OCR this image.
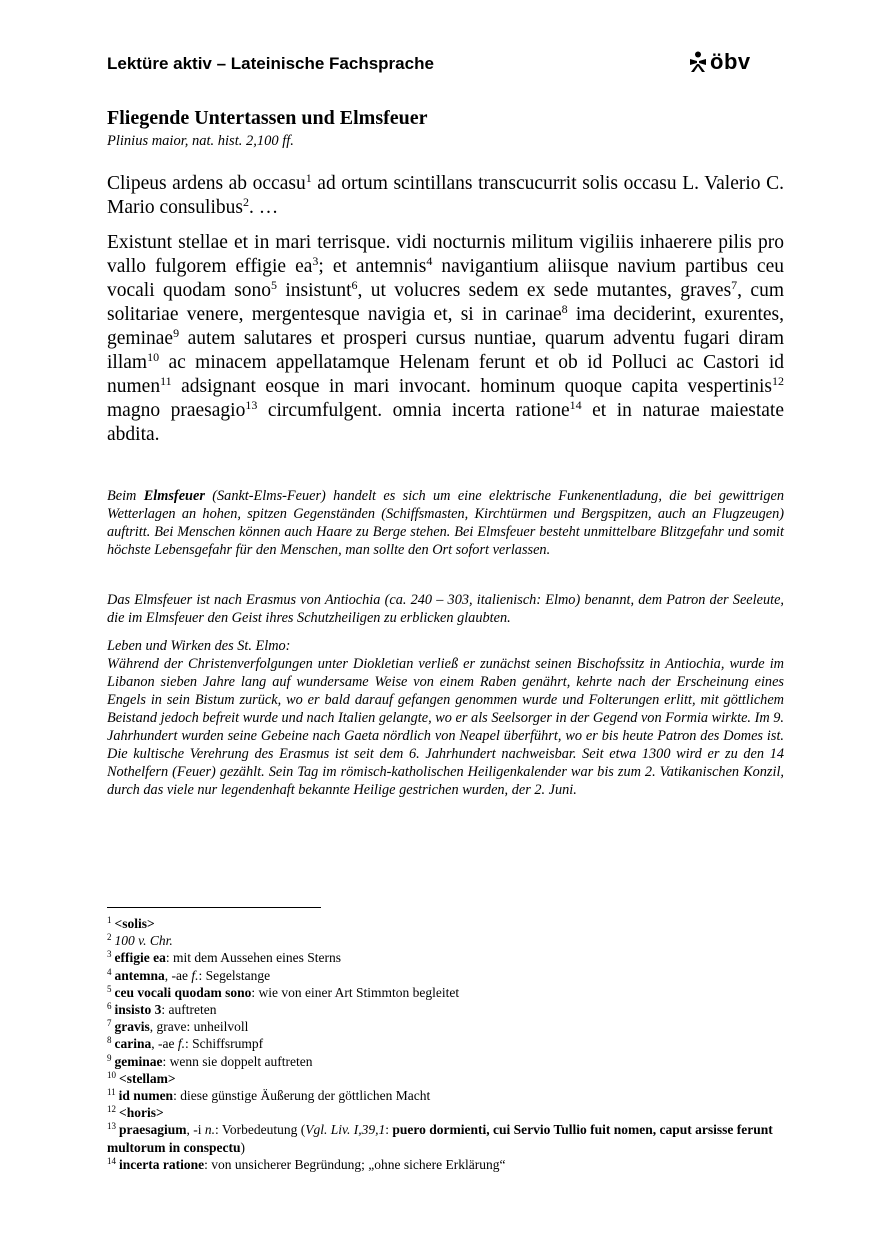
Lektüre aktiv – Lateinische Fachsprache	öbv
Fliegende Untertassen und Elmsfeuer
Plinius maior, nat. hist. 2,100 ff.

Clipeus ardens ab occasu$^1$ ad ortum scintillans transcucurrit solis occasu L. Valerio C. Mario consulibus$^2$. …

Existunt stellae et in mari terrisque. vidi nocturnis militum vigiliis inhaerere pilis pro vallo fulgorem effigie $ea^3$; et antemnis$^4$ navigantium aliisque navium partibus ceu vocali quodam sono$^5$ insistunt$^6$, ut volucres sedem ex sede mutantes, graves$^7$, cum solitariae venere, mergentesque navigia et, si in carinae$^8$ ima deciderint, exurentes, geminae$^9$ autem salutares et prosperi cursus nuntiae, quarum adventu fugari diram illam$^{10}$ ac minacem appellatamque Helenam ferunt et ob id Polluci ac Castori id numen$^{11}$ adsignant eosque in mari invocant. hominum quoque capita vespertinis$^{12}$ magno praesagio$^{13}$ circumfulgent. omnia incerta ratione$^{14}$ et in naturae maiestate abdita.

Beim Elmsfeuer (Sankt-Elms-Feuer) handelt es sich um eine elektrische Funkenentladung, die bei gewittrigen Wetterlagen an hohen, spitzen Gegenständen (Schiffsmasten, Kirchtürmen und Bergspitzen, auch an Flugzeugen) auftritt. Bei Menschen können auch Haare zu Berge stehen. Bei Elmsfeuer besteht unmittelbare Blitzgefahr und somit höchste Lebensgefahr für den Menschen, man sollte den Ort sofort verlassen.

Das Elmsfeuer ist nach Erasmus von Antiochia (ca. 240 – 303, italienisch: Elmo) benannt, dem Patron der Seeleute, die im Elmsfeuer den Geist ihres Schutzheiligen zu erblicken glaubten.

Leben und Wirken des St. Elmo:
Während der Christenverfolgungen unter Diokletian verließ er zunächst seinen Bischofssitz in Antiochia, wurde im Libanon sieben Jahre lang auf wundersame Weise von einem Raben genährt, kehrte nach der Erscheinung eines Engels in sein Bistum zurück, wo er bald darauf gefangen genommen wurde und Folterungen erlitt, mit göttlichem Beistand jedoch befreit wurde und nach Italien gelangte, wo er als Seelsorger in der Gegend von Formia wirkte. Im 9. Jahrhundert wurden seine Gebeine nach Gaeta nördlich von Neapel überführt, wo er bis heute Patron des Domes ist. Die kultische Verehrung des Erasmus ist seit dem 6. Jahrhundert nachweisbar. Seit etwa 1300 wird er zu den 14 Nothelfern (Feuer) gezählt. Sein Tag im römisch-katholischen Heiligenkalender war bis zum 2. Vatikanischen Konzil, durch das viele nur legendenhaft bekannte Heilige gestrichen wurden, der 2. Juni.

$^1$ <solis>

$^2$ 100 v. Chr.

$^3$ effigie ea: mit dem Aussehen eines Sterns

$^4$ antemna, -ae f.: Segelstange

$^5$ ceu vocali quodam sono: wie von einer Art Stimmton begleitet

$^6$ insisto 3: auftreten

$^7$ gravis, grave: unheilvoll

$^8$ carina, -ae f.: Schiffsrumpf

$^9$ geminae: wenn sie doppelt auftreten

$^{10}$ <stellam>

$^{11}$ id numen: diese günstige Äußerung der göttlichen Macht

$^{12}$ <horis>

$^{13}$ praesagium, -i n.: Vorbedeutung (Vgl. Liv. I,39,1: puero dormienti, cui Servio Tullio fuit nomen, caput arsisse ferunt multorum in conspectu)

$^{14}$ incerta ratione: von unsicherer Begründung; „ohne sichere Erklärung“
